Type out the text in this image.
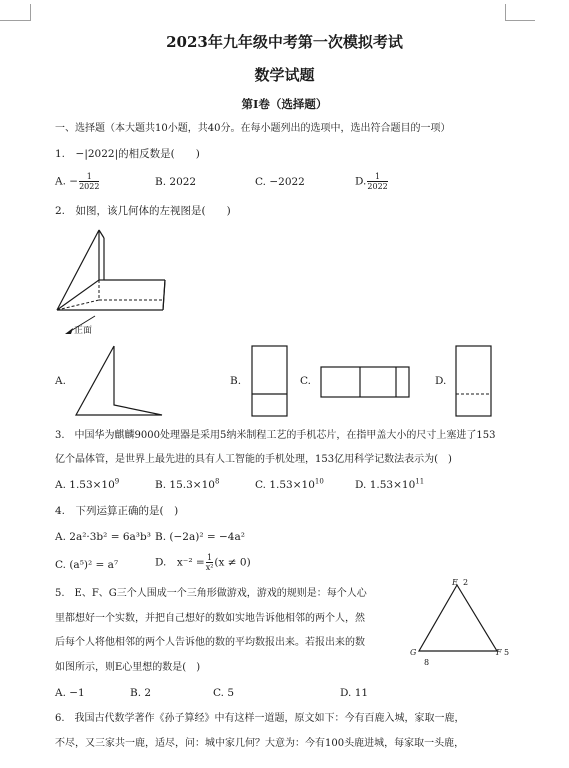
2023年九年级中考第一次模拟考试
数学试题
第Ⅰ卷（选择题）
一、选择题（本大题共10小题，共40分。在每小题列出的选项中，选出符合题目的一项）
1.　−|2022|的相反数是(　　)
A. − $\frac{1}{2022}$	B. 2022	C. −2022	D. $\frac{1}{2022}$
2.　如图，该几何体的左视图是(　　)
正面
A.	B.	C.	D.
3.　中国华为麒麟9000处理器是采用5纳米制程工艺的手机芯片，在指甲盖大小的尺寸上塞进了153
亿个晶体管，是世界上最先进的具有人工智能的手机处理，153亿用科学记数法表示为(　)
A. $1.53\times 10^9$	B. $15.3\times 10^8$	C. $1.53\times 10^{10}$	D. $1.53\times 10^{11}$
4.　下列运算正确的是(　)
A. 2a²·3b² = 6a³b³ B. (−2a)² = −4a²
C. (a⁵)² = a⁷	D.　$x^{-2} = \frac{1}{\text{x²}} (x \ne 0)$
5.　E、F、G三个人围成一个三角形做游戏，游戏的规则是：每个人心
里都想好一个实数，并把自己想好的数如实地告诉他相邻的两个人，然
后每个人将他相邻的两个人告诉他的数的平均数报出来。若报出来的数
如图所示，则E心里想的数是(　)
E 2
G
8
F 5
A. −1	B. 2	C. 5	D. 11
6.　我国古代数学著作《孙子算经》中有这样一道题，原文如下：今有百鹿入城，家取一鹿，
不尽，又三家共一鹿，适尽，问：城中家几何？大意为：今有100头鹿进城，每家取一头鹿，
